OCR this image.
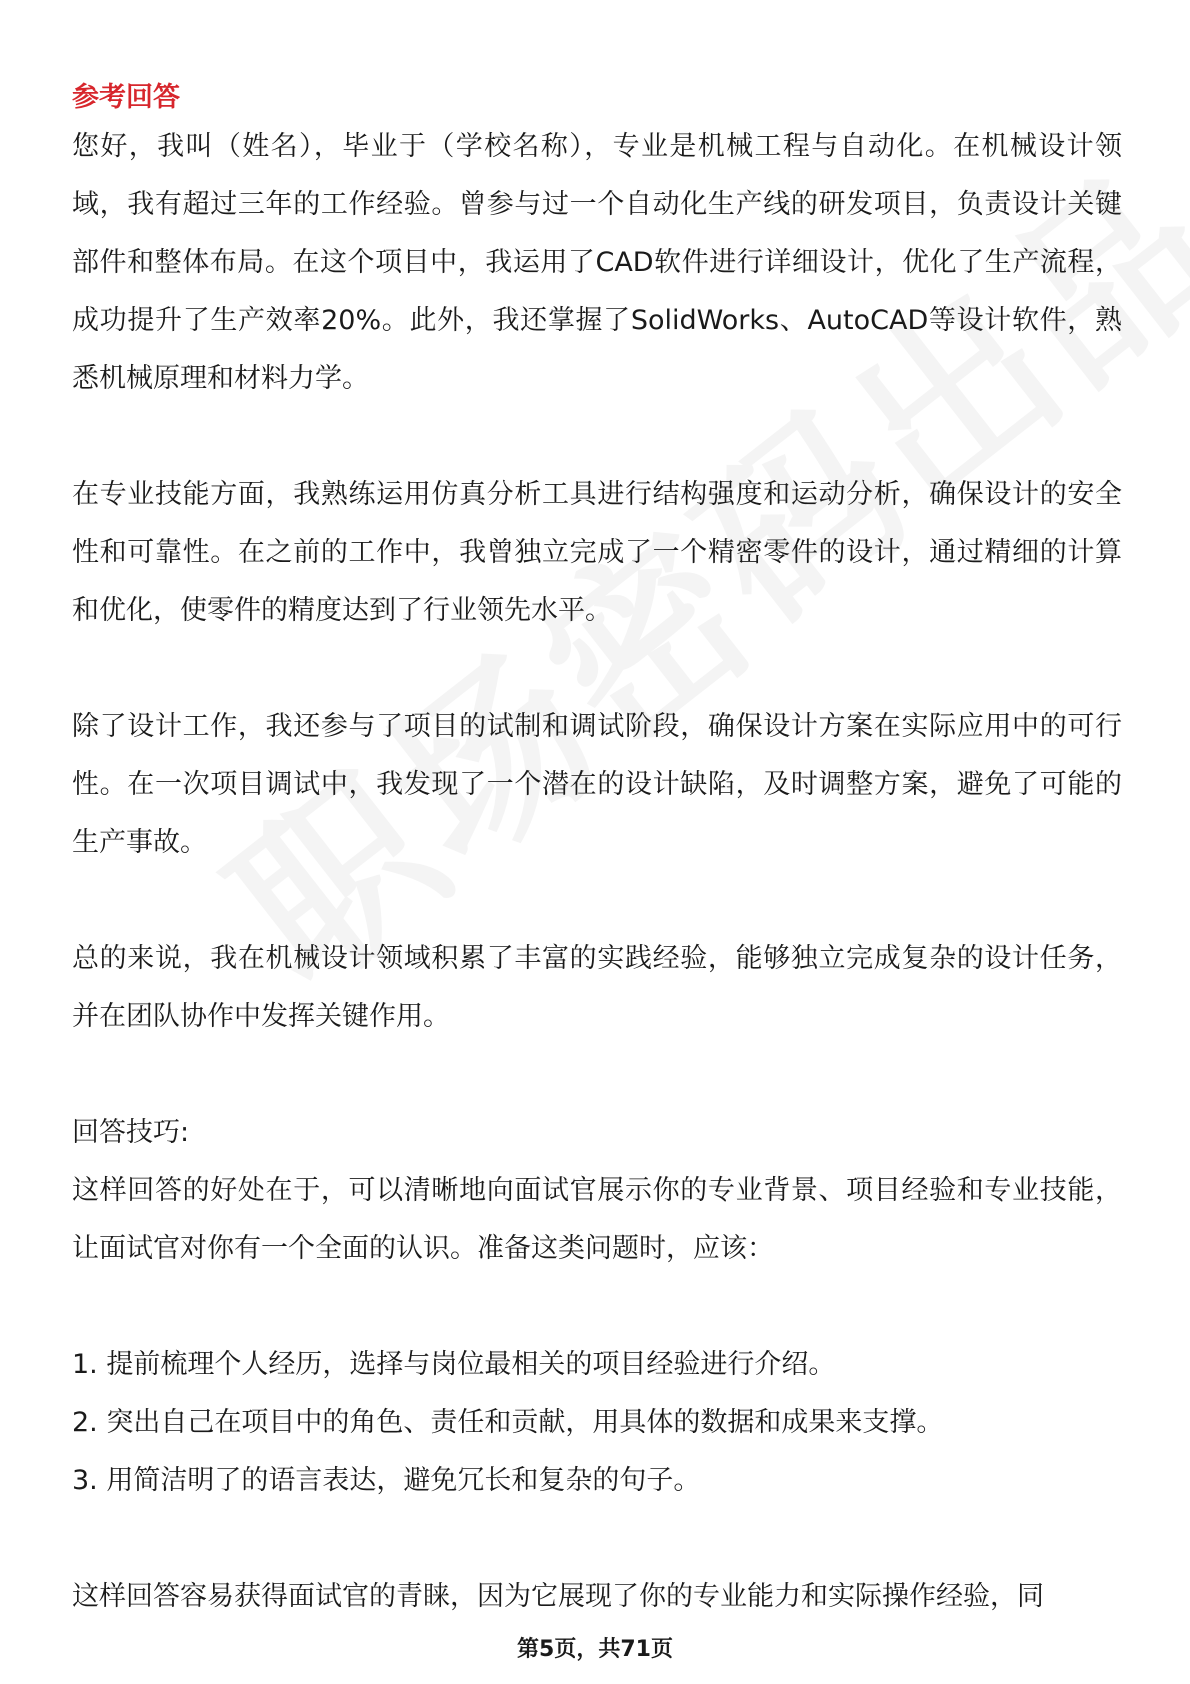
参考回答

您好，我叫（姓名），毕业于（学校名称），专业是机械工程与自动化。在机械设计领域，我有超过三年的工作经验。曾参与过一个自动化生产线的研发项目，负责设计关键部件和整体布局。在这个项目中，我运用了CAD软件进行详细设计，优化了生产流程，成功提升了生产效率20%。此外，我还掌握了SolidWorks、AutoCAD等设计软件，熟悉机械原理和材料力学。

在专业技能方面，我熟练运用仿真分析工具进行结构强度和运动分析，确保设计的安全性和可靠性。在之前的工作中，我曾独立完成了一个精密零件的设计，通过精细的计算和优化，使零件的精度达到了行业领先水平。

除了设计工作，我还参与了项目的试制和调试阶段，确保设计方案在实际应用中的可行性。在一次项目调试中，我发现了一个潜在的设计缺陷，及时调整方案，避免了可能的生产事故。

总的来说，我在机械设计领域积累了丰富的实践经验，能够独立完成复杂的设计任务，并在团队协作中发挥关键作用。

回答技巧:

这样回答的好处在于，可以清晰地向面试官展示你的专业背景、项目经验和专业技能，让面试官对你有一个全面的认识。准备这类问题时，应该：

1. 提前梳理个人经历，选择与岗位最相关的项目经验进行介绍。

2. 突出自己在项目中的角色、责任和贡献，用具体的数据和成果来支撑。

3. 用简洁明了的语言表达，避免冗长和复杂的句子。

这样回答容易获得面试官的青睐，因为它展现了你的专业能力和实际操作经验，同

第5页，共71页
